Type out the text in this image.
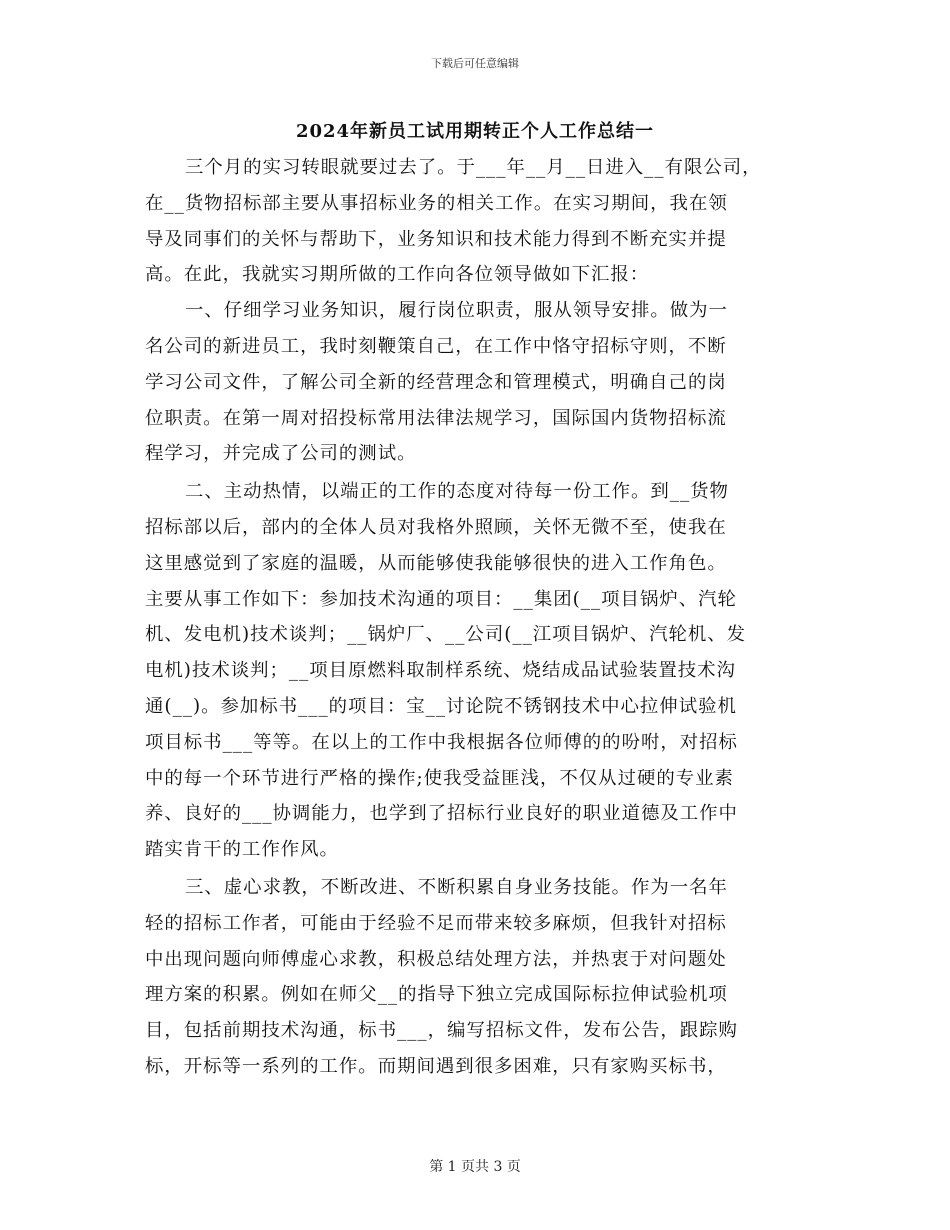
下载后可任意编辑
2024年新员工试用期转正个人工作总结一
三个月的实习转眼就要过去了。于___年__月__日进入__有限公司，
在__货物招标部主要从事招标业务的相关工作。在实习期间，我在领
导及同事们的关怀与帮助下，业务知识和技术能力得到不断充实并提
高。在此，我就实习期所做的工作向各位领导做如下汇报：
一、仔细学习业务知识，履行岗位职责，服从领导安排。做为一
名公司的新进员工，我时刻鞭策自己，在工作中恪守招标守则，不断
学习公司文件，了解公司全新的经营理念和管理模式，明确自己的岗
位职责。在第一周对招投标常用法律法规学习，国际国内货物招标流
程学习，并完成了公司的测试。
二、主动热情，以端正的工作的态度对待每一份工作。到__货物
招标部以后，部内的全体人员对我格外照顾，关怀无微不至，使我在
这里感觉到了家庭的温暖，从而能够使我能够很快的进入工作角色。
主要从事工作如下：参加技术沟通的项目：__集团(__项目锅炉、汽轮
机、发电机)技术谈判；__锅炉厂、__公司(__江项目锅炉、汽轮机、发
电机)技术谈判；__项目原燃料取制样系统、烧结成品试验装置技术沟
通(__)。参加标书___的项目：宝__讨论院不锈钢技术中心拉伸试验机
项目标书___等等。在以上的工作中我根据各位师傅的的吩咐，对招标
中的每一个环节进行严格的操作;使我受益匪浅，不仅从过硬的专业素
养、良好的___协调能力，也学到了招标行业良好的职业道德及工作中
踏实肯干的工作作风。
三、虚心求教，不断改进、不断积累自身业务技能。作为一名年
轻的招标工作者，可能由于经验不足而带来较多麻烦，但我针对招标
中出现问题向师傅虚心求教，积极总结处理方法，并热衷于对问题处
理方案的积累。例如在师父__的指导下独立完成国际标拉伸试验机项
目，包括前期技术沟通，标书___，编写招标文件，发布公告，跟踪购
标，开标等一系列的工作。而期间遇到很多困难，只有家购买标书，
第 1 页共 3 页
